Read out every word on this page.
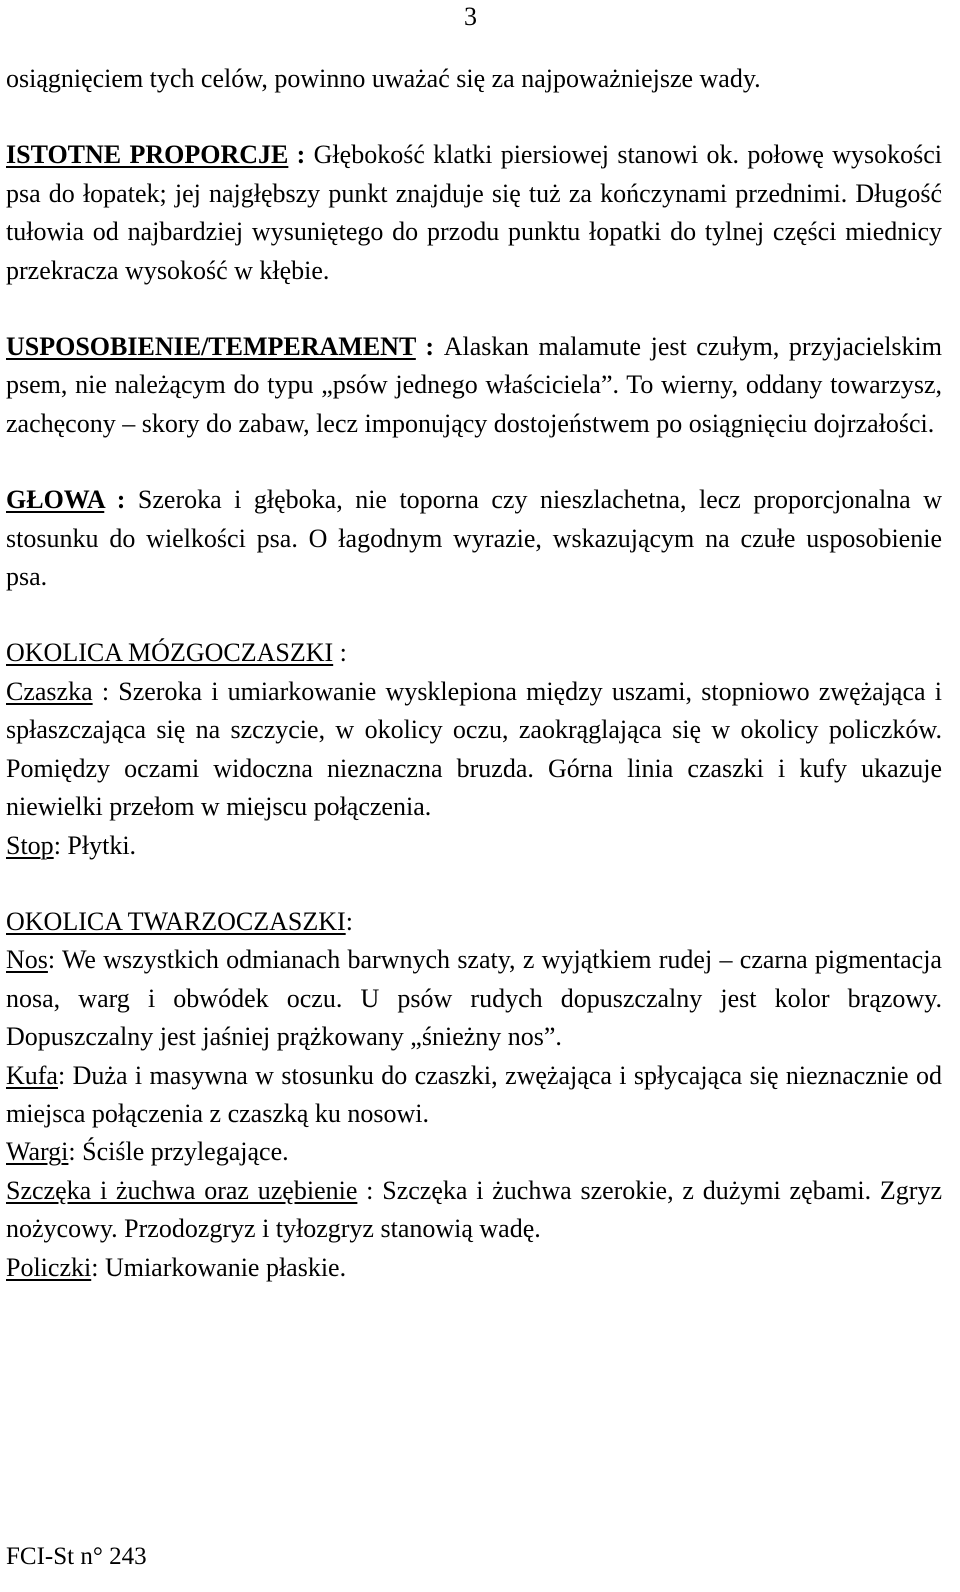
3

osiągnięciem tych celów, powinno uważać się za najpoważniejsze wady.

ISTOTNE PROPORCJE : Głębokość klatki piersiowej stanowi ok. połowę wysokości psa do łopatek; jej najgłębszy punkt znajduje się tuż za kończynami przednimi. Długość tułowia od najbardziej wysuniętego do przodu punktu łopatki do tylnej części miednicy przekracza wysokość w kłębie.

USPOSOBIENIE/TEMPERAMENT : Alaskan malamute jest czułym, przyjacielskim psem, nie należącym do typu „psów jednego właściciela”. To wierny, oddany towarzysz, zachęcony – skory do zabaw, lecz imponujący dostojeństwem po osiągnięciu dojrzałości.

GŁOWA : Szeroka i głęboka, nie toporna czy nieszlachetna, lecz proporcjonalna w stosunku do wielkości psa. O łagodnym wyrazie, wskazującym na czułe usposobienie psa.

OKOLICA MÓZGOCZASZKI :

Czaszka : Szeroka i umiarkowanie wysklepiona między uszami, stopniowo zwężająca i spłaszczająca się na szczycie, w okolicy oczu, zaokrąglająca się w okolicy policzków. Pomiędzy oczami widoczna nieznaczna bruzda. Górna linia czaszki i kufy ukazuje niewielki przełom w miejscu połączenia.

Stop: Płytki.

OKOLICA TWARZOCZASZKI:

Nos: We wszystkich odmianach barwnych szaty, z wyjątkiem rudej – czarna pigmentacja nosa, warg i obwódek oczu. U psów rudych dopuszczalny jest kolor brązowy. Dopuszczalny jest jaśniej prążkowany „śnieżny nos”.

Kufa: Duża i masywna w stosunku do czaszki, zwężająca i spłycająca się nieznacznie od miejsca połączenia z czaszką ku nosowi.

Wargi: Ściśle przylegające.

Szczęka i żuchwa oraz uzębienie : Szczęka i żuchwa szerokie, z dużymi zębami. Zgryz nożycowy. Przodozgryz i tyłozgryz stanowią wadę.

Policzki: Umiarkowanie płaskie.

FCI-St n° 243
